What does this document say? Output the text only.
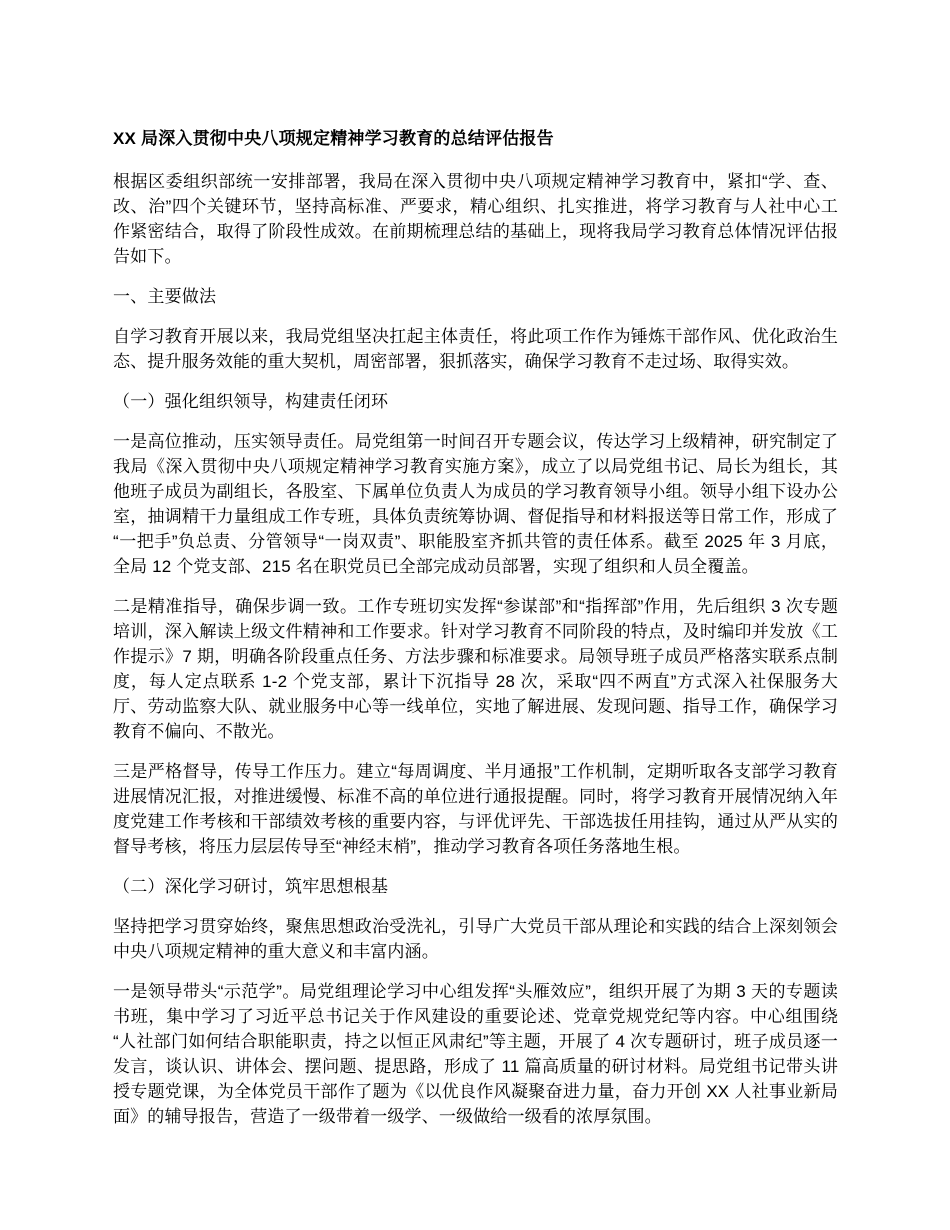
XX 局深入贯彻中央八项规定精神学习教育的总结评估报告

根据区委组织部统一安排部署，我局在深入贯彻中央八项规定精神学习教育中，紧扣“学、查、改、治”四个关键环节，坚持高标准、严要求，精心组织、扎实推进，将学习教育与人社中心工作紧密结合，取得了阶段性成效。在前期梳理总结的基础上，现将我局学习教育总体情况评估报告如下。

一、主要做法

自学习教育开展以来，我局党组坚决扛起主体责任，将此项工作作为锤炼干部作风、优化政治生态、提升服务效能的重大契机，周密部署，狠抓落实，确保学习教育不走过场、取得实效。

（一）强化组织领导，构建责任闭环

一是高位推动，压实领导责任。局党组第一时间召开专题会议，传达学习上级精神，研究制定了我局《深入贯彻中央八项规定精神学习教育实施方案》，成立了以局党组书记、局长为组长，其他班子成员为副组长，各股室、下属单位负责人为成员的学习教育领导小组。领导小组下设办公室，抽调精干力量组成工作专班，具体负责统筹协调、督促指导和材料报送等日常工作，形成了“一把手”负总责、分管领导“一岗双责”、职能股室齐抓共管的责任体系。截至 2025 年 3 月底，全局 12 个党支部、215 名在职党员已全部完成动员部署，实现了组织和人员全覆盖。

二是精准指导，确保步调一致。工作专班切实发挥“参谋部”和“指挥部”作用，先后组织 3 次专题培训，深入解读上级文件精神和工作要求。针对学习教育不同阶段的特点，及时编印并发放《工作提示》7 期，明确各阶段重点任务、方法步骤和标准要求。局领导班子成员严格落实联系点制度，每人定点联系 1-2 个党支部，累计下沉指导 28 次，采取“四不两直”方式深入社保服务大厅、劳动监察大队、就业服务中心等一线单位，实地了解进展、发现问题、指导工作，确保学习教育不偏向、不散光。

三是严格督导，传导工作压力。建立“每周调度、半月通报”工作机制，定期听取各支部学习教育进展情况汇报，对推进缓慢、标准不高的单位进行通报提醒。同时，将学习教育开展情况纳入年度党建工作考核和干部绩效考核的重要内容，与评优评先、干部选拔任用挂钩，通过从严从实的督导考核，将压力层层传导至“神经末梢”，推动学习教育各项任务落地生根。

（二）深化学习研讨，筑牢思想根基

坚持把学习贯穿始终，聚焦思想政治受洗礼，引导广大党员干部从理论和实践的结合上深刻领会中央八项规定精神的重大意义和丰富内涵。

一是领导带头“示范学”。局党组理论学习中心组发挥“头雁效应”，组织开展了为期 3 天的专题读书班，集中学习了习近平总书记关于作风建设的重要论述、党章党规党纪等内容。中心组围绕“人社部门如何结合职能职责，持之以恒正风肃纪”等主题，开展了 4 次专题研讨，班子成员逐一发言，谈认识、讲体会、摆问题、提思路，形成了 11 篇高质量的研讨材料。局党组书记带头讲授专题党课，为全体党员干部作了题为《以优良作风凝聚奋进力量，奋力开创 XX 人社事业新局面》的辅导报告，营造了一级带着一级学、一级做给一级看的浓厚氛围。
